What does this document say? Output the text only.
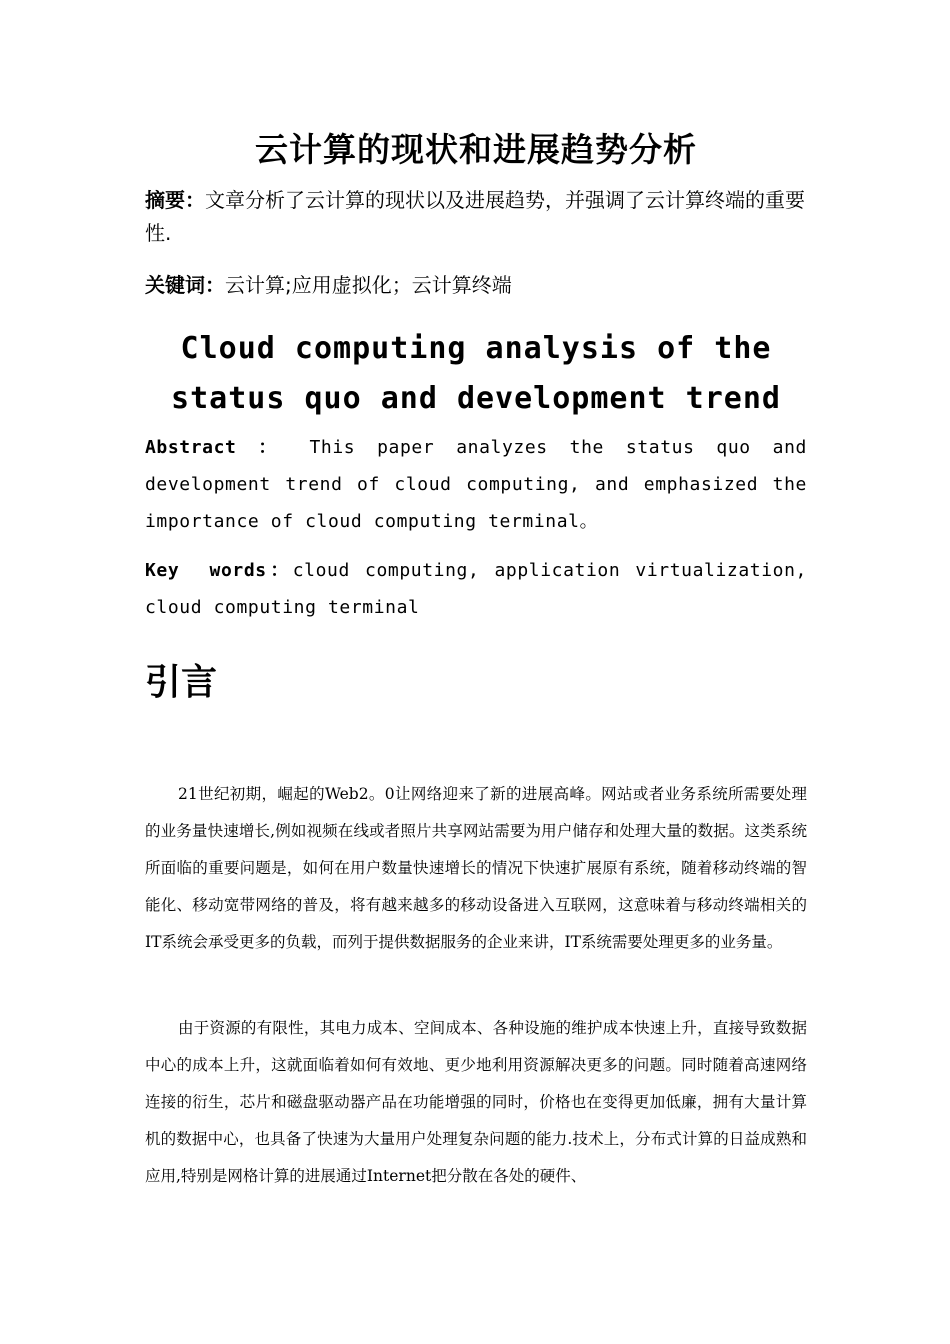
云计算的现状和进展趋势分析
摘要：文章分析了云计算的现状以及进展趋势，并强调了云计算终端的重要性.
关键词：云计算;应用虚拟化；云计算终端
Cloud computing analysis of the
status quo and development trend
Abstract ： This paper analyzes the status quo and development trend of cloud computing, and emphasized the importance of cloud computing terminal。
Key  words：cloud computing, application virtualization, cloud computing terminal
引言
21世纪初期，崛起的Web2。0让网络迎来了新的进展高峰。网站或者业务系统所需要处理的业务量快速增长,例如视频在线或者照片共享网站需要为用户储存和处理大量的数据。这类系统所面临的重要问题是，如何在用户数量快速增长的情况下快速扩展原有系统，随着移动终端的智能化、移动宽带网络的普及，将有越来越多的移动设备进入互联网，这意味着与移动终端相关的IT系统会承受更多的负载，而列于提供数据服务的企业来讲，IT系统需要处理更多的业务量。
由于资源的有限性，其电力成本、空间成本、各种设施的维护成本快速上升，直接导致数据中心的成本上升，这就面临着如何有效地、更少地利用资源解决更多的问题。同时随着高速网络连接的衍生，芯片和磁盘驱动器产品在功能增强的同时，价格也在变得更加低廉，拥有大量计算机的数据中心，也具备了快速为大量用户处理复杂问题的能力.技术上，分布式计算的日益成熟和应用,特别是网格计算的进展通过Internet把分散在各处的硬件、
